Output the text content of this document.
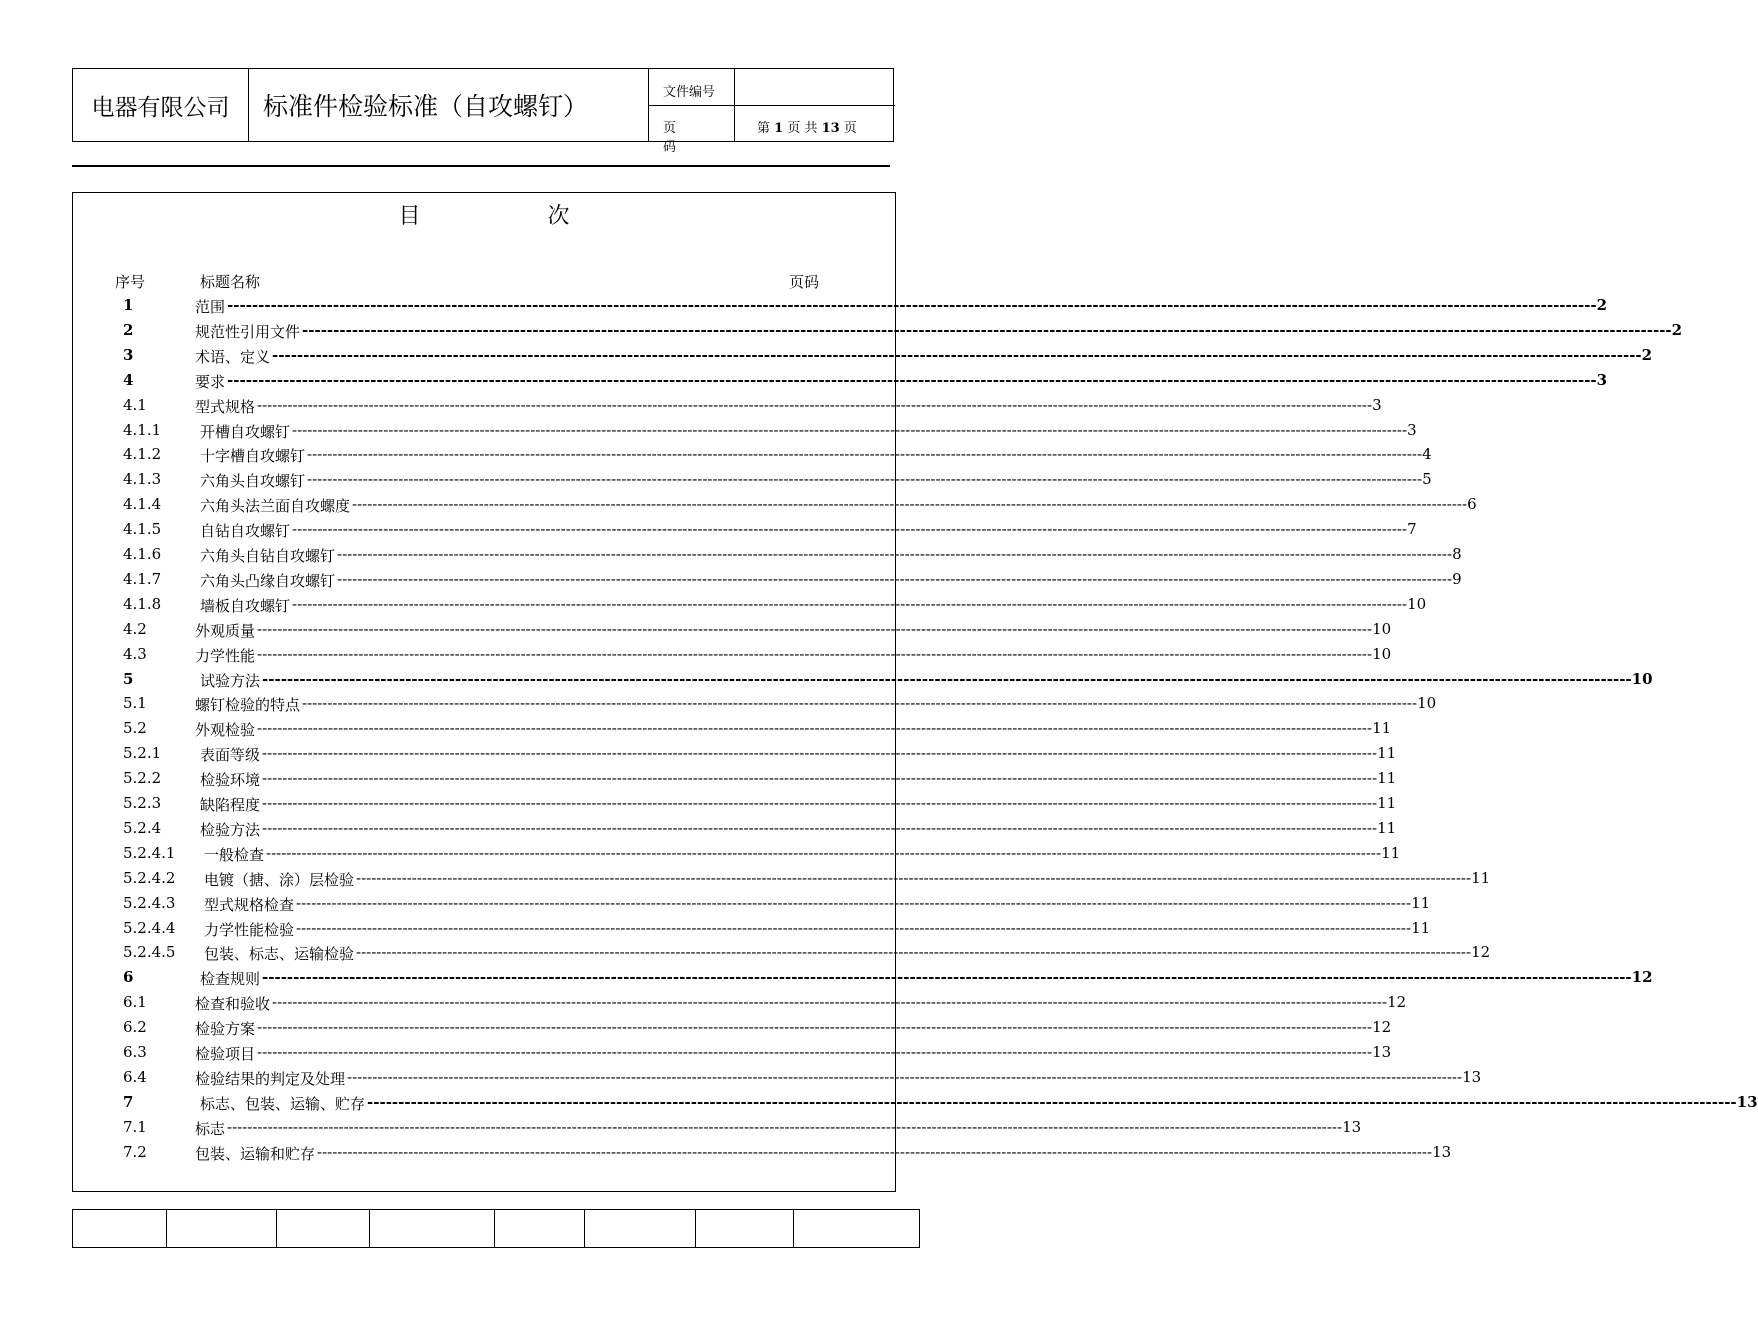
电器有限公司	标准件检验标准（自攻螺钉）	文件编号
页 码
第 1 页 共 13 页
目 次
序号	标题名称	页码
1	范围 ---------------------------------------------------------------------------------------------------------------------------------------------------------------------------------------------------------------------------- 2
2	规范性引用文件 ---------------------------------------------------------------------------------------------------------------------------------------------------------------------------------------------------------------------------- 2
3	术语、定义 ---------------------------------------------------------------------------------------------------------------------------------------------------------------------------------------------------------------------------- 2
4	要求 ---------------------------------------------------------------------------------------------------------------------------------------------------------------------------------------------------------------------------- 3
4.1	型式规格 ---------------------------------------------------------------------------------------------------------------------------------------------------------------------------------------------------------------------------- 3
4.1.1	开槽自攻螺钉 ---------------------------------------------------------------------------------------------------------------------------------------------------------------------------------------------------------------------------- 3
4.1.2	十字槽自攻螺钉 ---------------------------------------------------------------------------------------------------------------------------------------------------------------------------------------------------------------------------- 4
4.1.3	六角头自攻螺钉 ---------------------------------------------------------------------------------------------------------------------------------------------------------------------------------------------------------------------------- 5
4.1.4	六角头法兰面自攻螺度 ---------------------------------------------------------------------------------------------------------------------------------------------------------------------------------------------------------------------------- 6
4.1.5	自钻自攻螺钉 ---------------------------------------------------------------------------------------------------------------------------------------------------------------------------------------------------------------------------- 7
4.1.6	六角头自钻自攻螺钉 ---------------------------------------------------------------------------------------------------------------------------------------------------------------------------------------------------------------------------- 8
4.1.7	六角头凸缘自攻螺钉 ---------------------------------------------------------------------------------------------------------------------------------------------------------------------------------------------------------------------------- 9
4.1.8	墙板自攻螺钉 ---------------------------------------------------------------------------------------------------------------------------------------------------------------------------------------------------------------------------- 10
4.2	外观质量 ---------------------------------------------------------------------------------------------------------------------------------------------------------------------------------------------------------------------------- 10
4.3	力学性能 ---------------------------------------------------------------------------------------------------------------------------------------------------------------------------------------------------------------------------- 10
5	试验方法 ---------------------------------------------------------------------------------------------------------------------------------------------------------------------------------------------------------------------------- 10
5.1	螺钉检验的特点 ---------------------------------------------------------------------------------------------------------------------------------------------------------------------------------------------------------------------------- 10
5.2	外观检验 ---------------------------------------------------------------------------------------------------------------------------------------------------------------------------------------------------------------------------- 11
5.2.1	表面等级 ---------------------------------------------------------------------------------------------------------------------------------------------------------------------------------------------------------------------------- 11
5.2.2	检验环境 ---------------------------------------------------------------------------------------------------------------------------------------------------------------------------------------------------------------------------- 11
5.2.3	缺陷程度 ---------------------------------------------------------------------------------------------------------------------------------------------------------------------------------------------------------------------------- 11
5.2.4	检验方法 ---------------------------------------------------------------------------------------------------------------------------------------------------------------------------------------------------------------------------- 11
5.2.4.1 一般检查 ---------------------------------------------------------------------------------------------------------------------------------------------------------------------------------------------------------------------------- 11
5.2.4.2 电镀（搪、涂）层检验 ---------------------------------------------------------------------------------------------------------------------------------------------------------------------------------------------------------------------------- 11
5.2.4.3 型式规格检查 ---------------------------------------------------------------------------------------------------------------------------------------------------------------------------------------------------------------------------- 11
5.2.4.4 力学性能检验 ---------------------------------------------------------------------------------------------------------------------------------------------------------------------------------------------------------------------------- 11
5.2.4.5 包装、标志、运输检验 ---------------------------------------------------------------------------------------------------------------------------------------------------------------------------------------------------------------------------- 12
6	检查规则 ---------------------------------------------------------------------------------------------------------------------------------------------------------------------------------------------------------------------------- 12
6.1	检查和验收 ---------------------------------------------------------------------------------------------------------------------------------------------------------------------------------------------------------------------------- 12
6.2	检验方案 ---------------------------------------------------------------------------------------------------------------------------------------------------------------------------------------------------------------------------- 12
6.3	检验项目 ---------------------------------------------------------------------------------------------------------------------------------------------------------------------------------------------------------------------------- 13
6.4	检验结果的判定及处理 ---------------------------------------------------------------------------------------------------------------------------------------------------------------------------------------------------------------------------- 13
7	标志、包装、运输、贮存 ---------------------------------------------------------------------------------------------------------------------------------------------------------------------------------------------------------------------------- 13
7.1	标志 ---------------------------------------------------------------------------------------------------------------------------------------------------------------------------------------------------------------------------- 13
7.2	包装、运输和贮存 ---------------------------------------------------------------------------------------------------------------------------------------------------------------------------------------------------------------------------- 13
